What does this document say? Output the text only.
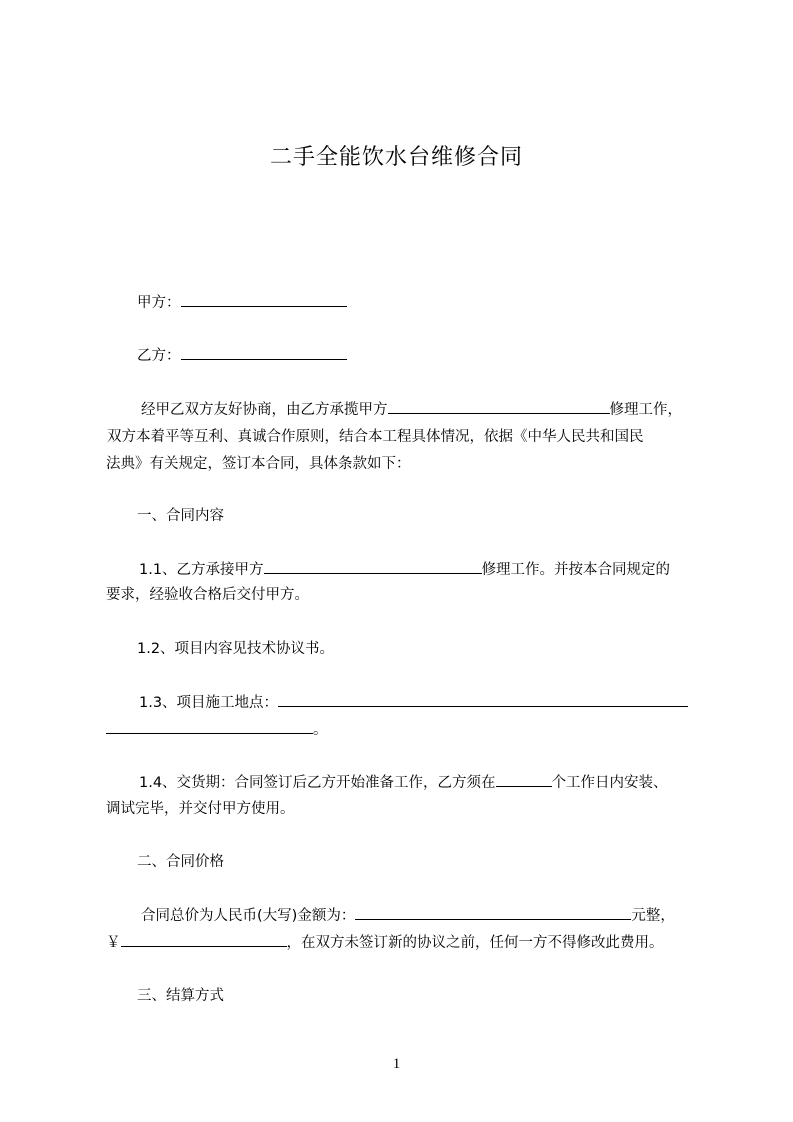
二手全能饮水台维修合同
甲方：
乙方：
经甲乙双方友好协商，由乙方承揽甲方	修理工作，
双方本着平等互利、真诚合作原则，结合本工程具体情况，依据《中华人民共和国民
法典》有关规定，签订本合同，具体条款如下：
一、合同内容
1.1、乙方承接甲方	修理工作。并按本合同规定的
要求，经验收合格后交付甲方。
1.2、项目内容见技术协议书。
1.3、项目施工地点：
。
1.4、交货期：合同签订后乙方开始准备工作，乙方须在	个工作日内安装、
调试完毕，并交付甲方使用。
二、合同价格
合同总价为人民币(大写)金额为：	元整，
￥	，在双方未签订新的协议之前，任何一方不得修改此费用。
三、结算方式
1
